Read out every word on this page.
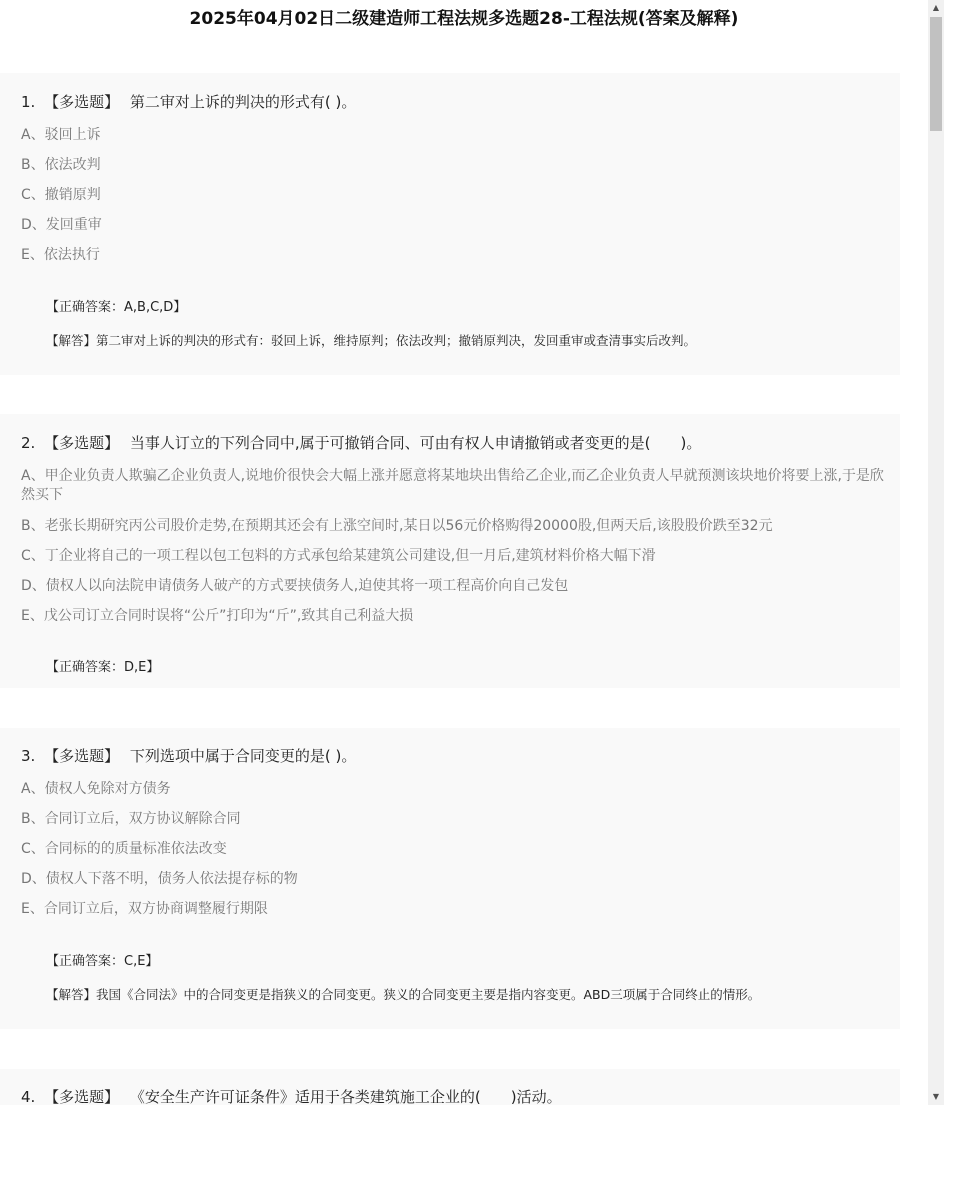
2025年04月02日二级建造师工程法规多选题28-工程法规(答案及解释)
1. 【多选题】 第二审对上诉的判决的形式有( )。
A、驳回上诉
B、依法改判
C、撤销原判
D、发回重审
E、依法执行
【正确答案：A,B,C,D】
【解答】第二审对上诉的判决的形式有：驳回上诉，维持原判；依法改判；撤销原判决，发回重审或查清事实后改判。
2. 【多选题】 当事人订立的下列合同中,属于可撤销合同、可由有权人申请撤销或者变更的是(　　)。
A、甲企业负责人欺骗乙企业负责人,说地价很快会大幅上涨并愿意将某地块出售给乙企业,而乙企业负责人早就预测该块地价将要上涨,于是欣然买下
B、老张长期研究丙公司股价走势,在预期其还会有上涨空间时,某日以56元价格购得20000股,但两天后,该股股价跌至32元
C、丁企业将自己的一项工程以包工包料的方式承包给某建筑公司建设,但一月后,建筑材料价格大幅下滑
D、债权人以向法院申请债务人破产的方式要挟债务人,迫使其将一项工程高价向自己发包
E、戊公司订立合同时误将“公斤”打印为“斤”,致其自己利益大损
【正确答案：D,E】
3. 【多选题】 下列选项中属于合同变更的是( )。
A、债权人免除对方债务
B、合同订立后，双方协议解除合同
C、合同标的的质量标准依法改变
D、债权人下落不明，债务人依法提存标的物
E、合同订立后，双方协商调整履行期限
【正确答案：C,E】
【解答】我国《合同法》中的合同变更是指狭义的合同变更。狭义的合同变更主要是指内容变更。ABD三项属于合同终止的情形。
4. 【多选题】 《安全生产许可证条件》适用于各类建筑施工企业的(　　)活动。
▲
▼
